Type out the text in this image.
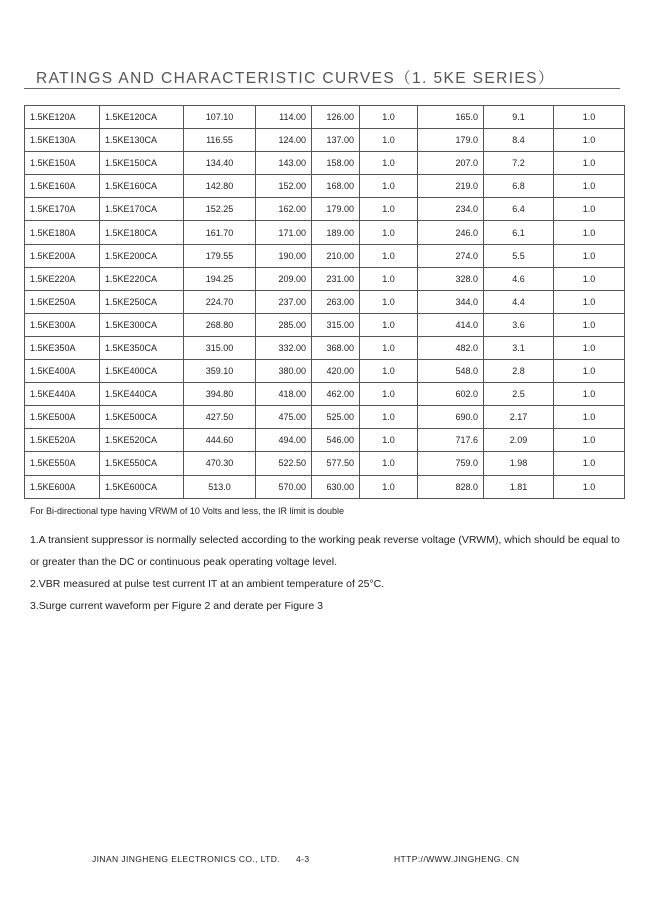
RATINGS AND CHARACTERISTIC CURVES（1. 5KE SERIES）
1.5KE120A	1.5KE120CA	107.10	114.00	126.00	1.0	165.0	9.1	1.0
1.5KE130A	1.5KE130CA	116.55	124.00	137.00	1.0	179.0	8.4	1.0
1.5KE150A	1.5KE150CA	134.40	143.00	158.00	1.0	207.0	7.2	1.0
1.5KE160A	1.5KE160CA	142.80	152.00	168.00	1.0	219.0	6.8	1.0
1.5KE170A	1.5KE170CA	152.25	162.00	179.00	1.0	234.0	6.4	1.0
1.5KE180A	1.5KE180CA	161.70	171.00	189.00	1.0	246.0	6.1	1.0
1.5KE200A	1.5KE200CA	179.55	190.00	210.00	1.0	274.0	5.5	1.0
1.5KE220A	1.5KE220CA	194.25	209.00	231.00	1.0	328.0	4.6	1.0
1.5KE250A	1.5KE250CA	224.70	237.00	263.00	1.0	344.0	4.4	1.0
1.5KE300A	1.5KE300CA	268.80	285.00	315.00	1.0	414.0	3.6	1.0
1.5KE350A	1.5KE350CA	315.00	332.00	368.00	1.0	482.0	3.1	1.0
1.5KE400A	1.5KE400CA	359.10	380.00	420.00	1.0	548.0	2.8	1.0
1.5KE440A	1.5KE440CA	394.80	418.00	462.00	1.0	602.0	2.5	1.0
1.5KE500A	1.5KE500CA	427.50	475.00	525.00	1.0	690.0	2.17	1.0
1.5KE520A	1.5KE520CA	444.60	494.00	546.00	1.0	717.6	2.09	1.0
1.5KE550A	1.5KE550CA	470.30	522.50	577.50	1.0	759.0	1.98	1.0
1.5KE600A	1.5KE600CA	513.0	570.00	630.00	1.0	828.0	1.81	1.0
For Bi-directional type having VRWM of 10 Volts and less, the IR limit is double

1.A transient suppressor is normally selected according to the working peak reverse voltage (VRWM), which should be equal to or greater than the DC or continuous peak operating voltage level.

2.VBR measured at pulse test current IT at an ambient temperature of 25°C.

3.Surge current waveform per Figure 2 and derate per Figure 3

JINAN JINGHENG ELECTRONICS CO., LTD. 4-3	HTTP://WWW.JINGHENG. CN
